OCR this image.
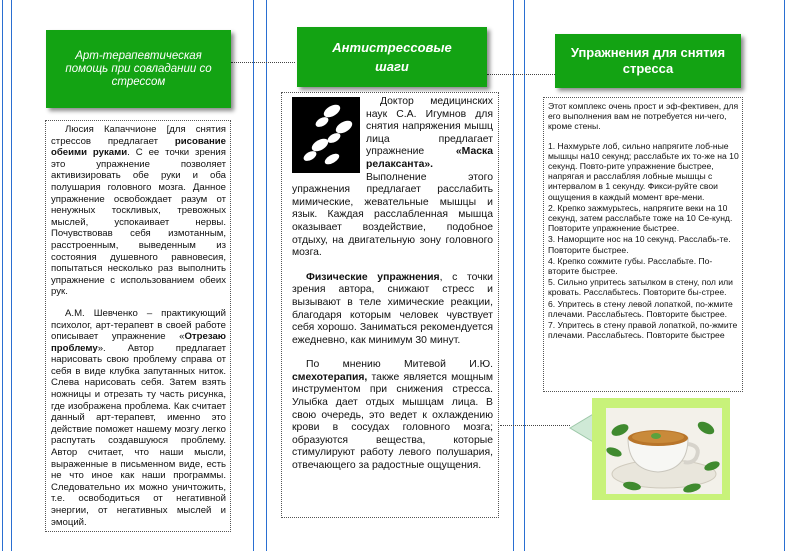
Арт-терапевтическая
помощь при совладании со
стрессом

Люсия Капаччионе [для снятия стрессов предлагает рисование обеими руками. С ее точки зрения это упражнение позволяет активизировать обе руки и оба полушария головного мозга. Данное упражнение освобождает разум от ненужных тоскливых, тревожных мыслей, успокаивает нервы. Почувствовав себя измотанным, расстроенным, выведенным из состояния душевного равновесия, попытаться несколько раз выполнить упражнение с использованием обеих рук.

А.М. Шевченко – практикующий психолог, арт-терапевт в своей работе описывает упражнение «Отрезаю проблему». Автор предлагает нарисовать свою проблему справа от себя в виде клубка запутанных ниток. Слева нарисовать себя. Затем взять ножницы и отрезать ту часть рисунка, где изображена проблема. Как считает данный арт-терапевт, именно это действие поможет нашему мозгу легко распутать создавшуюся проблему. Автор считает, что наши мысли, выраженные в письменном виде, есть не что иное как наши программы. Следовательно их можно уничтожить, т.е. освободиться от негативной энергии, от негативных мыслей и эмоций.

Антистрессовые
шаги

Доктор медицинских наук С.А. Игумнов для снятия напряжения мышц лица предлагает упражнение «Маска релаксанта». Выполнение этого упражнения предлагает расслабить мимические, жевательные мышцы и язык. Каждая расслабленная мышца оказывает воздействие, подобное отдыху, на двигательную зону головного мозга.

Физические упражнения, с точки зрения автора, снижают стресс и вызывают в теле химические реакции, благодаря которым человек чувствует себя хорошо. Заниматься рекомендуется ежедневно, как минимум 30 минут.

По мнению Митевой И.Ю. смехотерапия, также является мощным инструментом при снижения стресса. Улыбка дает отдых мышцам лица. В свою очередь, это ведет к охлаждению крови в сосудах головного мозга; образуются вещества, которые стимулируют работу левого полушария, отвечающего за радостные ощущения.

Упражнения для снятия
стресса

Этот комплекс очень прост и эф-фективен, для его выполнения вам не потребуется ни-чего, кроме стены.

1. Нахмурьте лоб, сильно напрягите лоб-ные мышцы на10 секунд; расслабьте их то-же на 10 секунд. Повто-рите упражнение быстрее, напрягая и расслабляя лобные мышцы с интервалом в 1 секунду. Фикси-руйте свои ощущения в каждый момент вре-мени.

2. Крепко зажмурьтесь, напрягите веки на 10 секунд, затем расслабьте тоже на 10 Се-кунд. Повторите упражнение быстрее.

3. Наморщите нос на 10 секунд. Расслабь-те. Повторите быстрее.

4. Крепко сожмите губы. Расслабьте. По-вторите быстрее.

5. Сильно упритесь затылком в стену, пол или кровать. Расслабьтесь. Повторите бы-стрее.

6. Упритесь в стену левой лопаткой, по-жмите плечами. Расслабьтесь. Повторите быстрее.

7. Упритесь в стену правой лопаткой, по-жмите плечами. Расслабьтесь. Повторите быстрее
